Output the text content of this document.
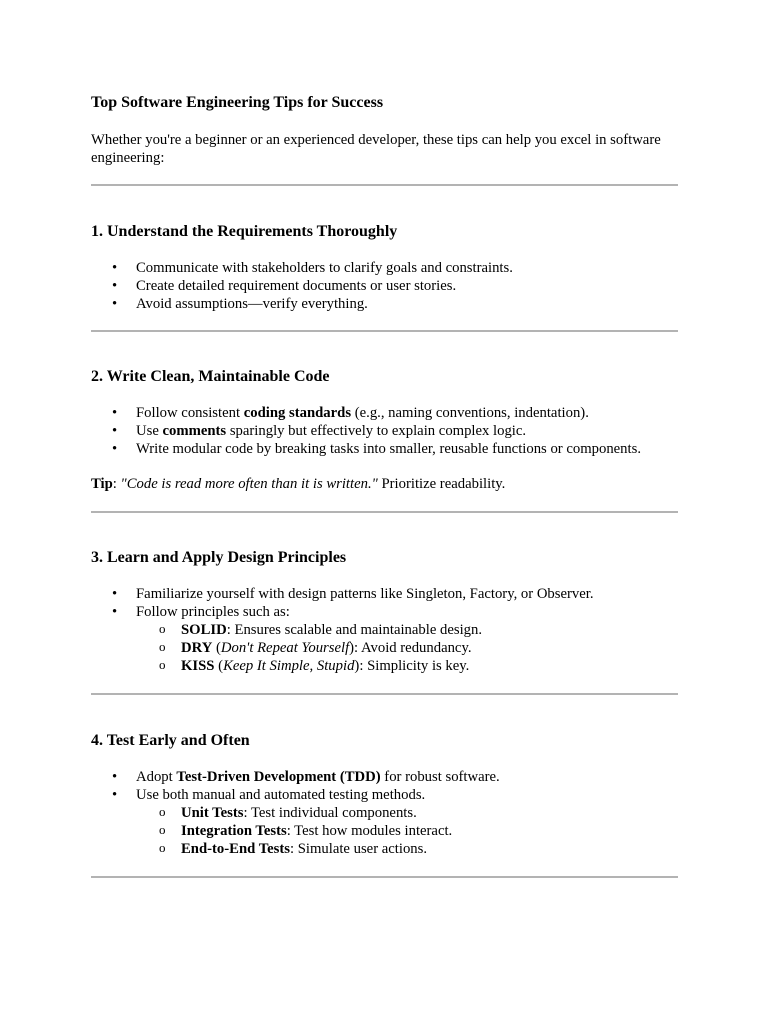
Top Software Engineering Tips for Success

Whether you're a beginner or an experienced developer, these tips can help you excel in software engineering:

1. Understand the Requirements Thoroughly
• Communicate with stakeholders to clarify goals and constraints.
• Create detailed requirement documents or user stories.
• Avoid assumptions—verify everything.
2. Write Clean, Maintainable Code
• Follow consistent coding standards (e.g., naming conventions, indentation).
• Use comments sparingly but effectively to explain complex logic.
• Write modular code by breaking tasks into smaller, reusable functions or components.

Tip: "Code is read more often than it is written." Prioritize readability.

3. Learn and Apply Design Principles
• Familiarize yourself with design patterns like Singleton, Factory, or Observer.
• Follow principles such as:
o SOLID: Ensures scalable and maintainable design.
o DRY (Don't Repeat Yourself): Avoid redundancy.
o KISS (Keep It Simple, Stupid): Simplicity is key.
4. Test Early and Often
• Adopt Test-Driven Development (TDD) for robust software.
• Use both manual and automated testing methods.
o Unit Tests: Test individual components.
o Integration Tests: Test how modules interact.
o End-to-End Tests: Simulate user actions.
